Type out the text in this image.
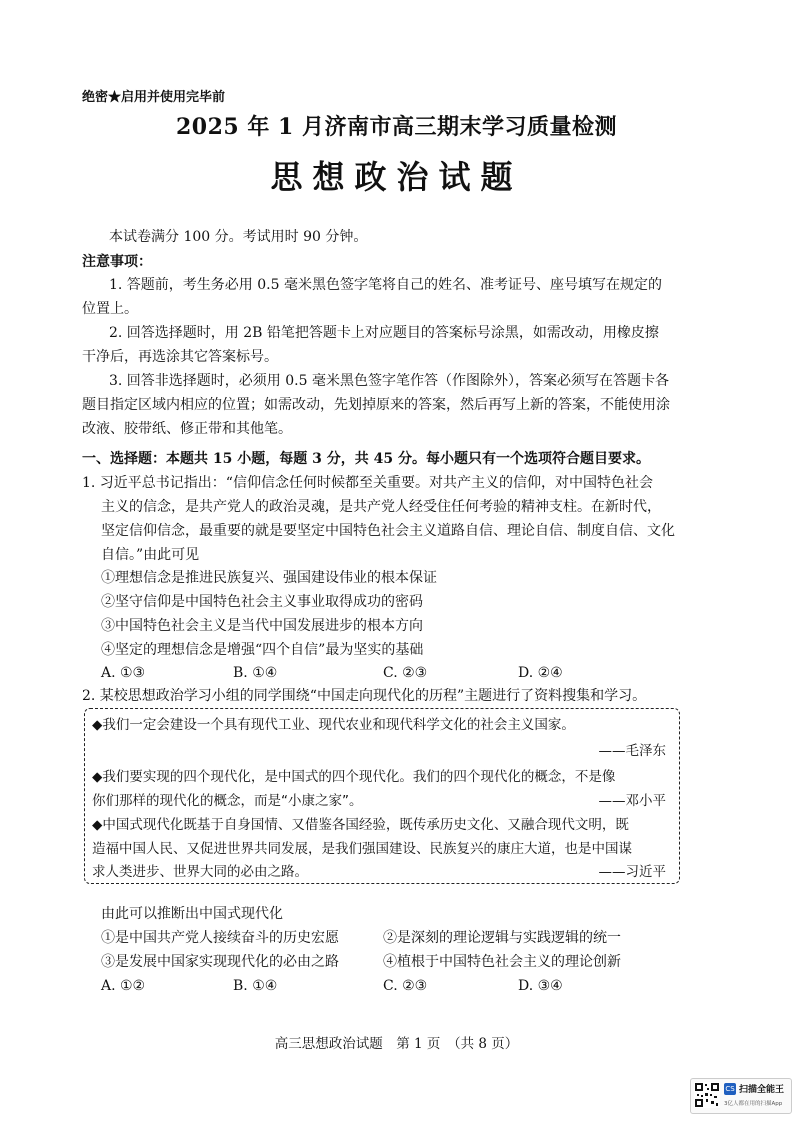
绝密★启用并使用完毕前
2025 年 1 月济南市高三期末学习质量检测
思想政治试题
本试卷满分 100 分。考试用时 90 分钟。
注意事项：
1. 答题前，考生务必用 0.5 毫米黑色签字笔将自己的姓名、准考证号、座号填写在规定的
位置上。
2. 回答选择题时，用 2B 铅笔把答题卡上对应题目的答案标号涂黑，如需改动，用橡皮擦
干净后，再选涂其它答案标号。
3. 回答非选择题时，必须用 0.5 毫米黑色签字笔作答（作图除外），答案必须写在答题卡各
题目指定区域内相应的位置；如需改动，先划掉原来的答案，然后再写上新的答案，不能使用涂
改液、胶带纸、修正带和其他笔。
一、选择题：本题共 15 小题，每题 3 分，共 45 分。每小题只有一个选项符合题目要求。
1. 习近平总书记指出：“信仰信念任何时候都至关重要。对共产主义的信仰，对中国特色社会
主义的信念，是共产党人的政治灵魂，是共产党人经受住任何考验的精神支柱。在新时代，
坚定信仰信念，最重要的就是要坚定中国特色社会主义道路自信、理论自信、制度自信、文化
自信。”由此可见
①理想信念是推进民族复兴、强国建设伟业的根本保证
②坚守信仰是中国特色社会主义事业取得成功的密码
③中国特色社会主义是当代中国发展进步的根本方向
④坚定的理想信念是增强“四个自信”最为坚实的基础
A. ①③	B. ①④	C. ②③	D. ②④
2. 某校思想政治学习小组的同学围绕“中国走向现代化的历程”主题进行了资料搜集和学习。
◆我们一定会建设一个具有现代工业、现代农业和现代科学文化的社会主义国家。
——毛泽东
◆我们要实现的四个现代化，是中国式的四个现代化。我们的四个现代化的概念，不是像
你们那样的现代化的概念，而是“小康之家”。	——邓小平
◆中国式现代化既基于自身国情、又借鉴各国经验，既传承历史文化、又融合现代文明，既
造福中国人民、又促进世界共同发展，是我们强国建设、民族复兴的康庄大道，也是中国谋
求人类进步、世界大同的必由之路。	——习近平
由此可以推断出中国式现代化
①是中国共产党人接续奋斗的历史宏愿	②是深刻的理论逻辑与实践逻辑的统一
③是发展中国家实现现代化的必由之路	④植根于中国特色社会主义的理论创新
A. ①②	B. ①④	C. ②③	D. ③④
高三思想政治试题　第 1 页　（共 8 页）
CS 扫描全能王
3亿人都在用的扫描App
